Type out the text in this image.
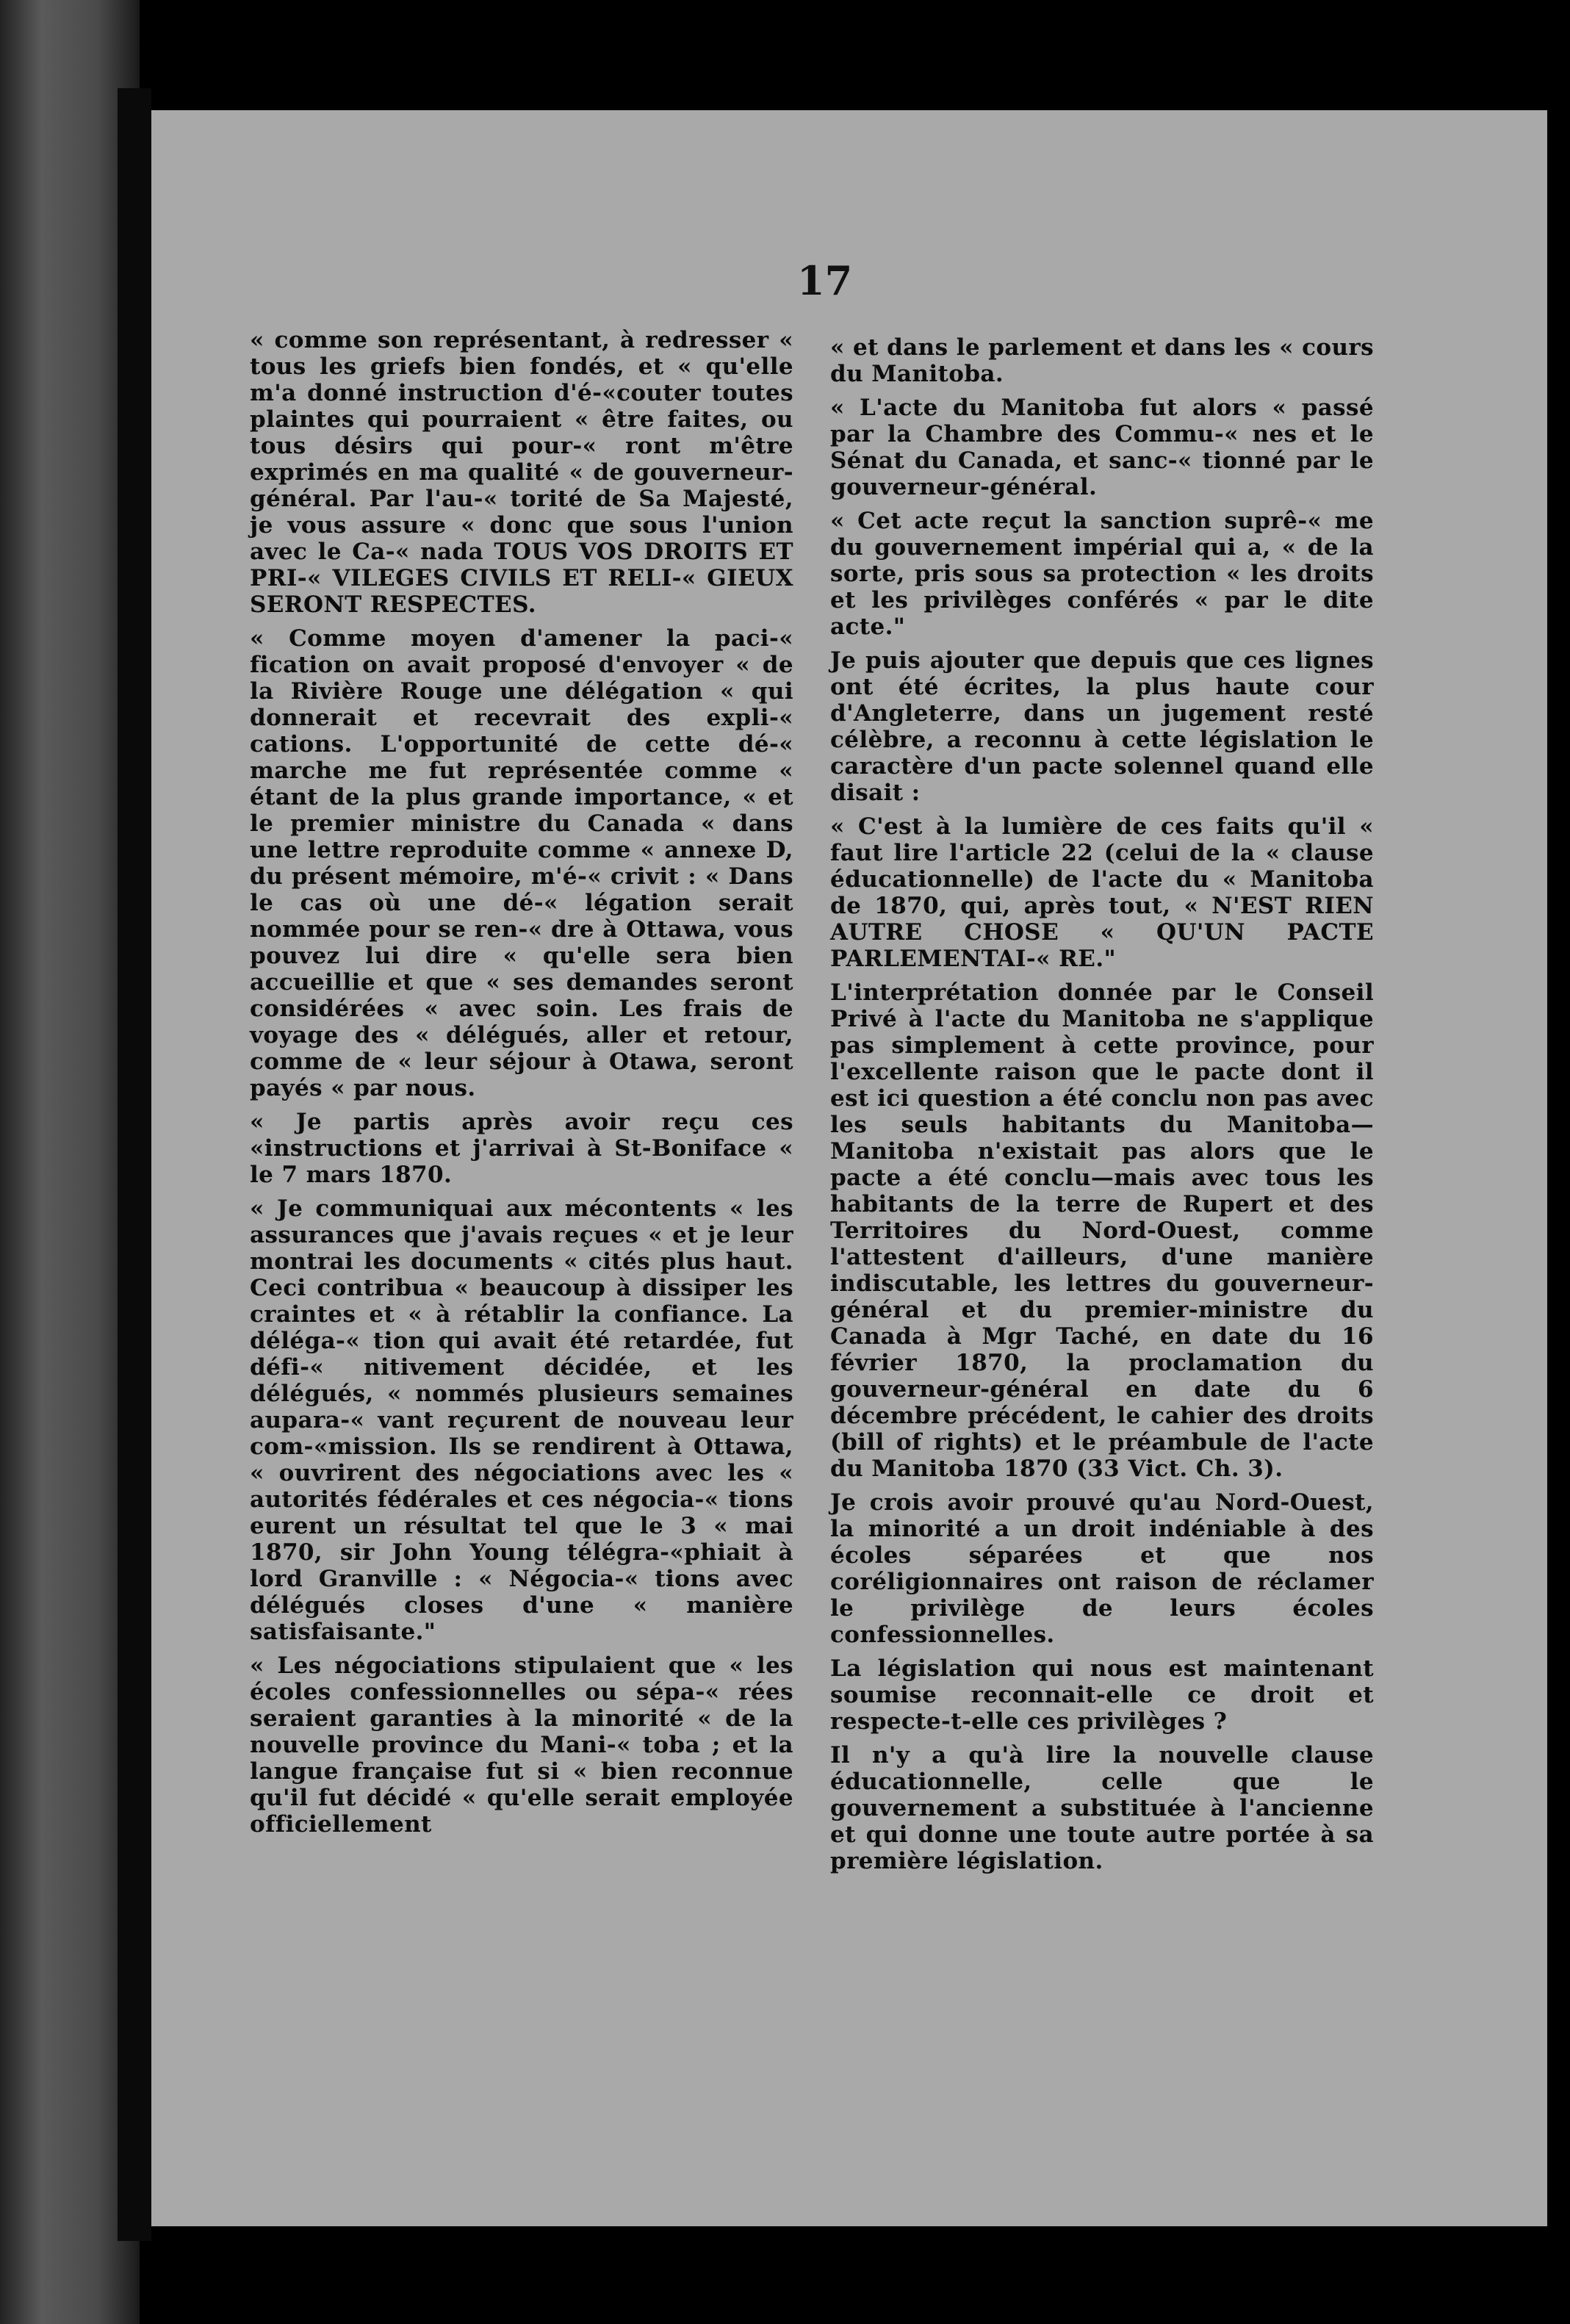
17

« comme son représentant, à redresser « tous les griefs bien fondés, et « qu'elle m'a donné instruction d'é-«couter toutes plaintes qui pourraient « être faites, ou tous désirs qui pour-« ront m'être exprimés en ma qualité « de gouverneur-général. Par l'au-« torité de Sa Majesté, je vous assure « donc que sous l'union avec le Ca-« nada TOUS VOS DROITS ET PRI-« VILEGES CIVILS ET RELI-« GIEUX SERONT RESPECTES.

« Comme moyen d'amener la paci-« fication on avait proposé d'envoyer « de la Rivière Rouge une délégation « qui donnerait et recevrait des expli-« cations. L'opportunité de cette dé-« marche me fut représentée comme « étant de la plus grande importance, « et le premier ministre du Canada « dans une lettre reproduite comme « annexe D, du présent mémoire, m'é-« crivit : « Dans le cas où une dé-« légation serait nommée pour se ren-« dre à Ottawa, vous pouvez lui dire « qu'elle sera bien accueillie et que « ses demandes seront considérées « avec soin. Les frais de voyage des « délégués, aller et retour, comme de « leur séjour à Otawa, seront payés « par nous.

« Je partis après avoir reçu ces «instructions et j'arrivai à St-Boniface « le 7 mars 1870.

« Je communiquai aux mécontents « les assurances que j'avais reçues « et je leur montrai les documents « cités plus haut. Ceci contribua « beaucoup à dissiper les craintes et « à rétablir la confiance. La déléga-« tion qui avait été retardée, fut défi-« nitivement décidée, et les délégués, « nommés plusieurs semaines aupara-« vant reçurent de nouveau leur com-«mission. Ils se rendirent à Ottawa, « ouvrirent des négociations avec les « autorités fédérales et ces négocia-« tions eurent un résultat tel que le 3 « mai 1870, sir John Young télégra-«phiait à lord Granville : « Négocia-« tions avec délégués closes d'une « manière satisfaisante."

« Les négociations stipulaient que « les écoles confessionnelles ou sépa-« rées seraient garanties à la minorité « de la nouvelle province du Mani-« toba ; et la langue française fut si « bien reconnue qu'il fut décidé « qu'elle serait employée officiellement

« et dans le parlement et dans les « cours du Manitoba.

« L'acte du Manitoba fut alors « passé par la Chambre des Commu-« nes et le Sénat du Canada, et sanc-« tionné par le gouverneur-général.

« Cet acte reçut la sanction suprê-« me du gouvernement impérial qui a, « de la sorte, pris sous sa protection « les droits et les privilèges conférés « par le dite acte."

Je puis ajouter que depuis que ces lignes ont été écrites, la plus haute cour d'Angleterre, dans un jugement resté célèbre, a reconnu à cette législation le caractère d'un pacte solennel quand elle disait :

« C'est à la lumière de ces faits qu'il « faut lire l'article 22 (celui de la « clause éducationnelle) de l'acte du « Manitoba de 1870, qui, après tout, « N'EST RIEN AUTRE CHOSE « QU'UN PACTE PARLEMENTAI-« RE."

L'interprétation donnée par le Conseil Privé à l'acte du Manitoba ne s'applique pas simplement à cette province, pour l'excellente raison que le pacte dont il est ici question a été conclu non pas avec les seuls habitants du Manitoba—Manitoba n'existait pas alors que le pacte a été conclu—mais avec tous les habitants de la terre de Rupert et des Territoires du Nord-Ouest, comme l'attestent d'ailleurs, d'une manière indiscutable, les lettres du gouverneur-général et du premier-ministre du Canada à Mgr Taché, en date du 16 février 1870, la proclamation du gouverneur-général en date du 6 décembre précédent, le cahier des droits (bill of rights) et le préambule de l'acte du Manitoba 1870 (33 Vict. Ch. 3).

Je crois avoir prouvé qu'au Nord-Ouest, la minorité a un droit indéniable à des écoles séparées et que nos coréligionnaires ont raison de réclamer le privilège de leurs écoles confessionnelles.

La législation qui nous est maintenant soumise reconnait-elle ce droit et respecte-t-elle ces privilèges ?

Il n'y a qu'à lire la nouvelle clause éducationnelle, celle que le gouvernement a substituée à l'ancienne et qui donne une toute autre portée à sa première législation.
